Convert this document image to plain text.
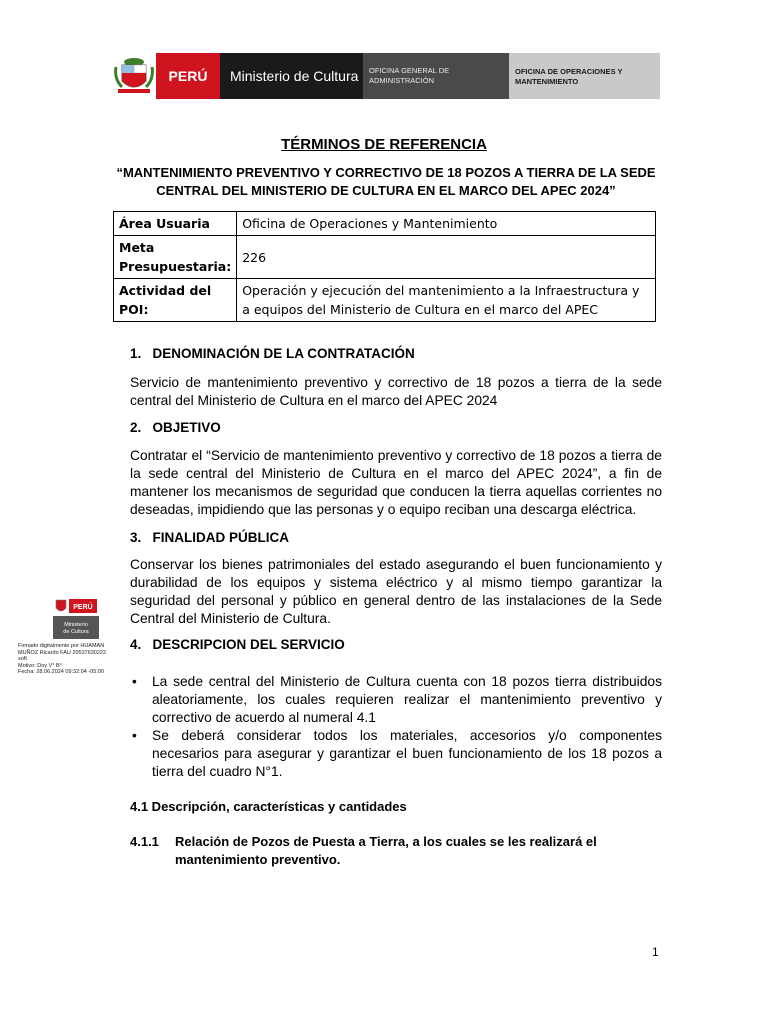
PERÚ	Ministerio de Cultura	OFICINA GENERAL DE
ADMINISTRACIÓN
OFICINA DE OPERACIONES Y
MANTENIMIENTO
TÉRMINOS DE REFERENCIA
“MANTENIMIENTO PREVENTIVO Y CORRECTIVO DE 18 POZOS A TIERRA DE LA SEDE CENTRAL DEL MINISTERIO DE CULTURA EN EL MARCO DEL APEC 2024”
Área Usuaria	Oficina de Operaciones y Mantenimiento
Meta Presupuestaria:	226
Actividad del POI:	Operación y ejecución del mantenimiento a la Infraestructura y a equipos del Ministerio de Cultura en el marco del APEC
1.   DENOMINACIÓN DE LA CONTRATACIÓN
Servicio de mantenimiento preventivo y correctivo de 18 pozos a tierra de la sede central del Ministerio de Cultura en el marco del APEC 2024
2.   OBJETIVO
Contratar el “Servicio de mantenimiento preventivo y correctivo de 18 pozos a tierra de la sede central del Ministerio de Cultura en el marco del APEC 2024”, a fin de mantener los mecanismos de seguridad que conducen la tierra aquellas corrientes no deseadas, impidiendo que las personas y o equipo reciban una descarga eléctrica.
3.   FINALIDAD PÚBLICA
Conservar los bienes patrimoniales del estado asegurando el buen funcionamiento y durabilidad de los equipos y sistema eléctrico y al mismo tiempo garantizar la seguridad del personal y público en general dentro de las instalaciones de la Sede Central del Ministerio de Cultura.
4.   DESCRIPCION DEL SERVICIO
• La sede central del Ministerio de Cultura cuenta con 18 pozos tierra distribuidos aleatoriamente, los cuales requieren realizar el mantenimiento preventivo y correctivo de acuerdo al numeral 4.1
• Se deberá considerar todos los materiales, accesorios y/o componentes necesarios para asegurar y garantizar el buen funcionamiento de los 18 pozos a tierra del cuadro N°1.
4.1 Descripción, características y cantidades
4.1.1 Relación de Pozos de Puesta a Tierra, a los cuales se les realizará el mantenimiento preventivo.
PERÚ
Ministerio
de Cultura
Firmado digitalmente por HUAMAN
MUÑOZ Ricardo FAU 20537630222
soft
Motivo: Doy V° B°
Fecha: 28.06.2024 09:32:04 -05:00
1
